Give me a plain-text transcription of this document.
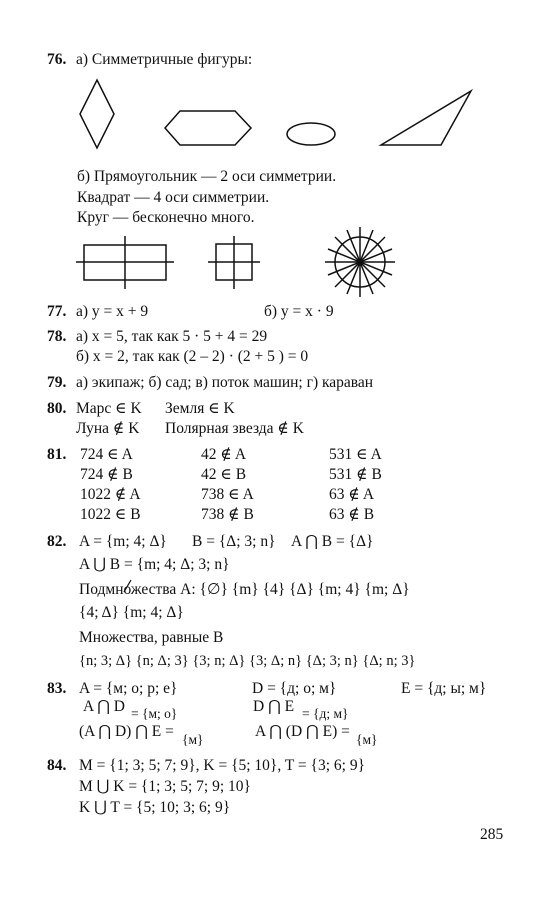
76. а) Симметричные фигуры:
б) Прямоугольник — 2 оси симметрии.
Квадрат — 4 оси симметрии.
Круг — бесконечно много.
77. а) y = x + 9	б) y = x · 9
78. а) x = 5, так как 5 · 5 + 4 = 29
б) x = 2, так как (2 – 2) · (2 + 5 ) = 0
79. а) экипаж; б) сад; в) поток машин; г) караван
80. Марс ∈ K Земля ∈ K
Луна ∉ K Полярная звезда ∉ K
81. 724 ∈ A	42 ∉ A	531 ∈ A
724 ∉ B	42 ∈ B	531 ∉ B
1022 ∉ A	738 ∈ A	63 ∉ A
1022 ∈ B	738 ∉ B	63 ∉ B
82. A = {m; 4; Δ} B = {Δ; 3; n} A ⋂ B = {Δ}
A ⋃ B = {m; 4; Δ; 3; n}
Подмножества A: {∅} {m} {4} {Δ} {m; 4} {m; Δ}
{4; Δ} {m; 4; Δ}
Множества, равные B
{n; 3; Δ} {n; Δ; 3} {3; n; Δ} {3; Δ; n} {Δ; 3; n} {Δ; n; 3}
83. A = {м; о; р; е}	D = {д; о; м}	E = {д; ы; м}
A ⋂ D = {м; о}	D ⋂ E = {д; м}
(A ⋂ D) ⋂ E = {м}	A ⋂ (D ⋂ E) = {м}
84. M = {1; 3; 5; 7; 9}, K = {5; 10}, T = {3; 6; 9}
M ⋃ K = {1; 3; 5; 7; 9; 10}
K ⋃ T = {5; 10; 3; 6; 9}
285
